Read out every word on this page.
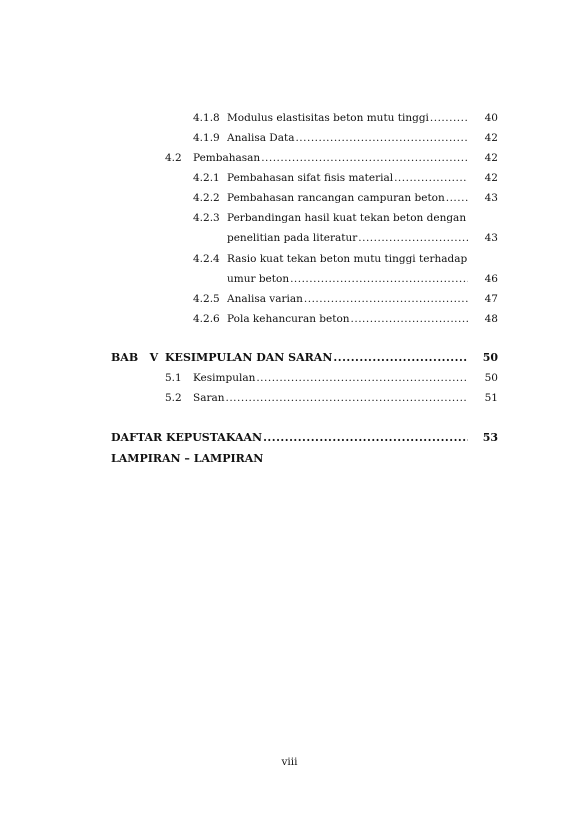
4.1.8 Modulus elastisitas beton mutu tinggi .....	40
4.1.9 Analisa Data .....	42
4.2 Pembahasan .....	42
4.2.1 Pembahasan sifat fisis material .....	42
4.2.2 Pembahasan rancangan campuran beton .....	43
4.2.3 Perbandingan hasil kuat tekan beton dengan
penelitian pada literatur .....	43
4.2.4 Rasio kuat tekan beton mutu tinggi terhadap
umur beton .....	46
4.2.5 Analisa varian .....	47
4.2.6 Pola kehancuran beton .....	48
BAB   V KESIMPULAN DAN SARAN .....	50
5.1 Kesimpulan .....	50
5.2 Saran .....	51
DAFTAR KEPUSTAKAAN .....	53
LAMPIRAN – LAMPIRAN
viii
